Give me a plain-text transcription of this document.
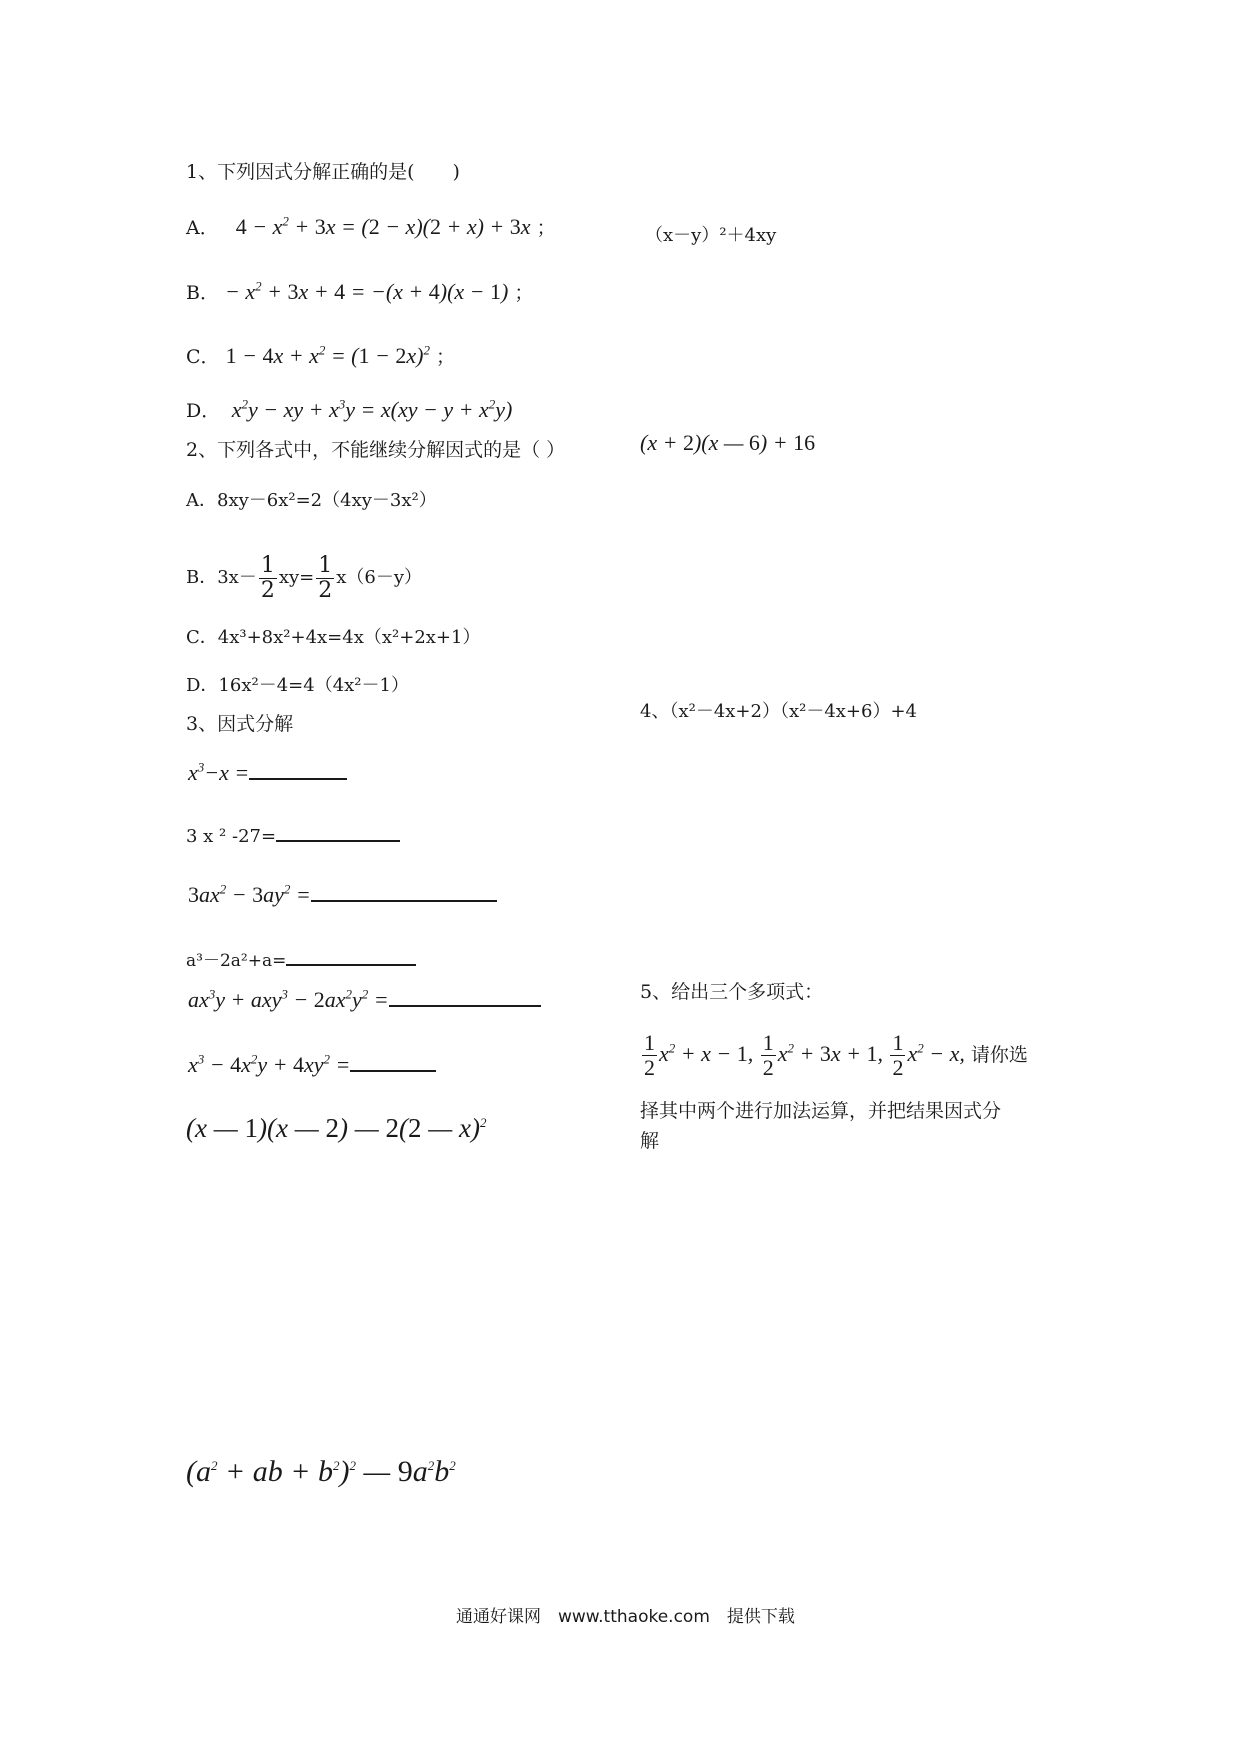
1、下列因式分解正确的是(　　)
A． $4 - x^2 + 3x = (2 - x)(2 + x) + 3x$ ；	（x－y）²＋4xy
B． − $x^2 + 3x + 4 = -(x + 4)(x - 1)$ ；
C． $1 - 4x + x^2 = (1 - 2x)^2$ ；
D．  $x^2y$ − xy + $x^3y = x(xy - y + x^2y)$
2、下列各式中，不能继续分解因式的是（ ）	(x + 2)(x — 6) + 16
A．8xy－6x²=2（4xy－3x²）
B．$3x- \frac{1}{2} xy= \frac{1}{2} x(6-y)$
C．4x³+8x²+4x=4x（x²+2x+1）
D．16x²－4=4（4x²－1）
3、因式分解
4、（x²－4x+2）（x²－4x+6）+4
$x^3-x$ =
3 x ² -27=
$3ax^2 - 3ay^2$ =
a³－2a²+a=
$ax^3y + axy^3 - 2ax^2y^2$ =
$x^3 - 4x^2y + 4xy^2$ =
(x — 1)(x — 2) — 2(2 — x)$^2$
5、给出三个多项式：
$\frac{1}{2} x^2 + x - 1$, $\frac{1}{2} x^2 + 3x + 1$, $\frac{1}{2} x^2 - x$, 请你选
择其中两个进行加法运算，并把结果因式分
解
($a^2$ + ab + $b^2)^2$ — $9a^2b^2$
通通好课网　www.tthaoke.com　提供下载
